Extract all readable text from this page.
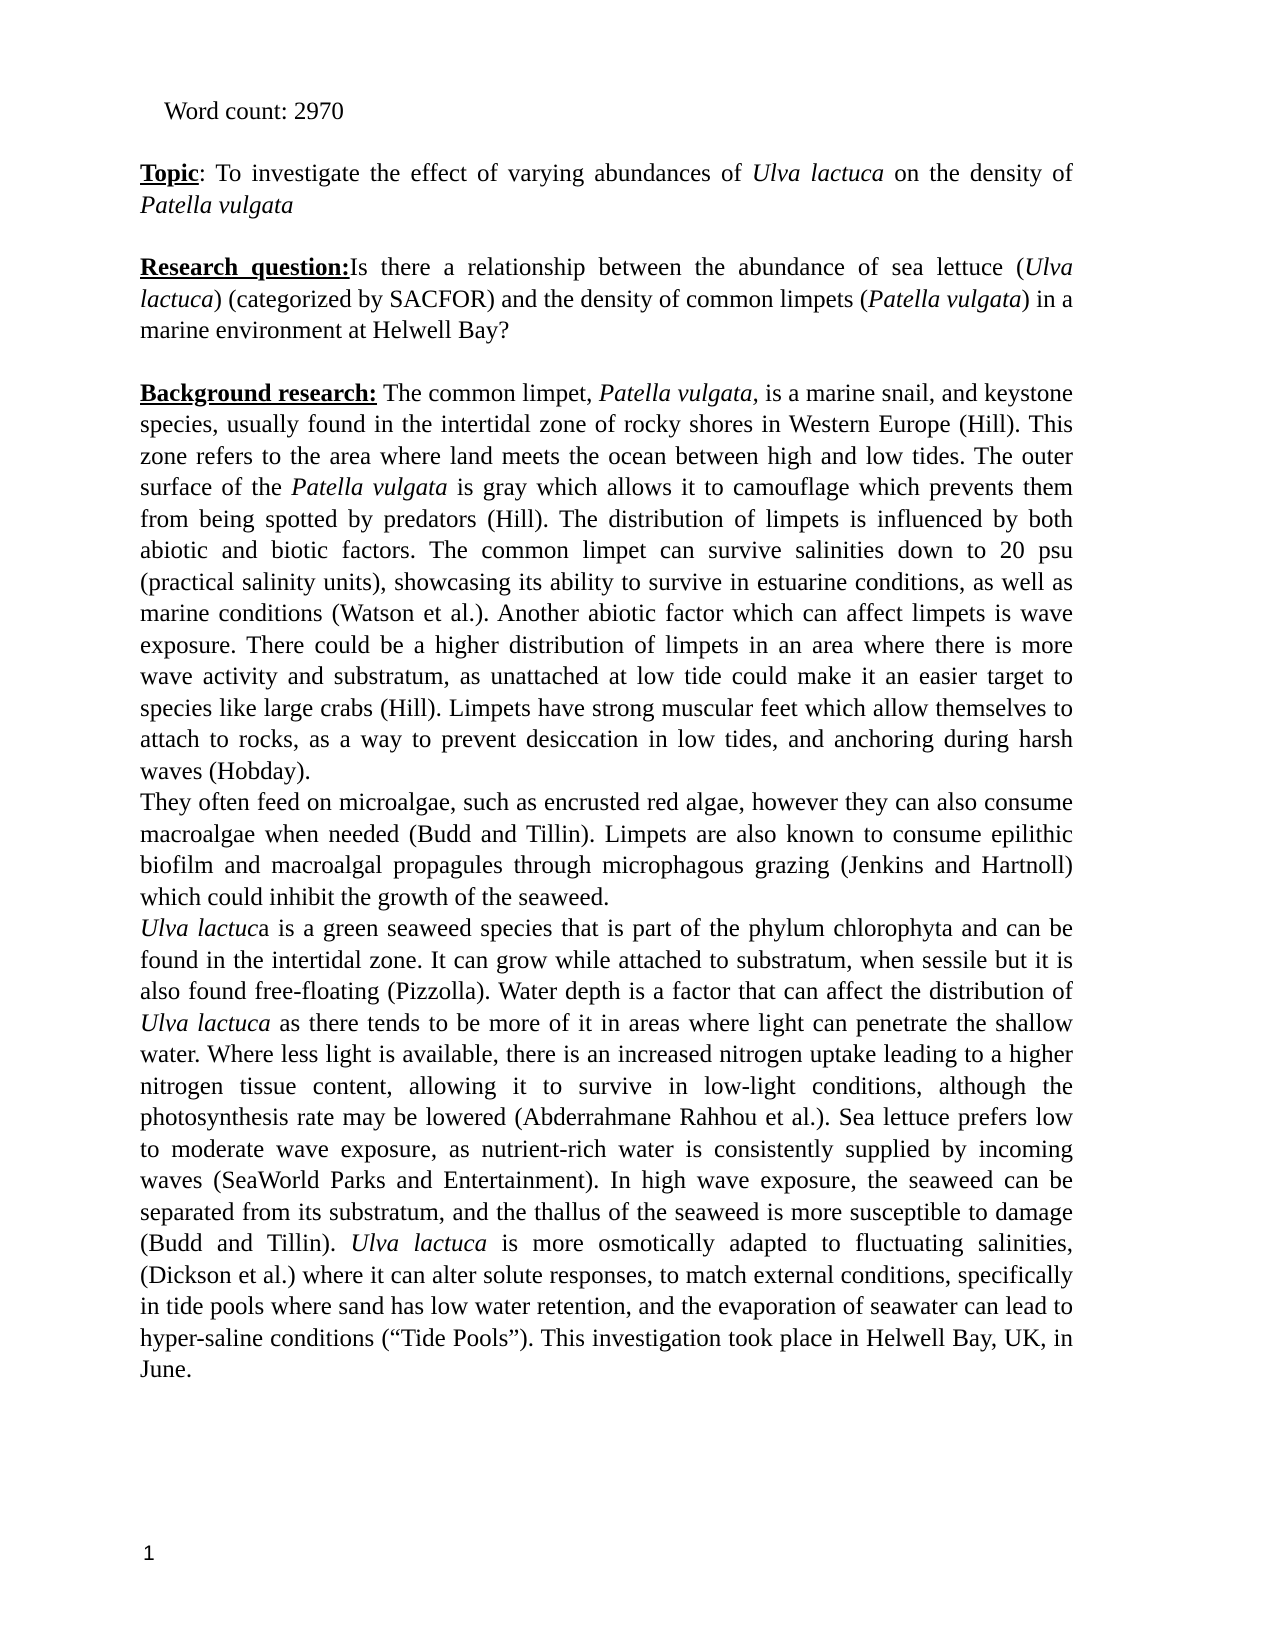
Word count: 2970

Topic: To investigate the effect of varying abundances of Ulva lactuca on the density of Patella vulgata

Research question:Is there a relationship between the abundance of sea lettuce (Ulva lactuca) (categorized by SACFOR) and the density of common limpets (Patella vulgata) in a marine environment at Helwell Bay?

Background research: The common limpet, Patella vulgata, is a marine snail, and keystone species, usually found in the intertidal zone of rocky shores in Western Europe (Hill). This zone refers to the area where land meets the ocean between high and low tides. The outer surface of the Patella vulgata is gray which allows it to camouflage which prevents them from being spotted by predators (Hill). The distribution of limpets is influenced by both abiotic and biotic factors. The common limpet can survive salinities down to 20 psu (practical salinity units), showcasing its ability to survive in estuarine conditions, as well as marine conditions (Watson et al.). Another abiotic factor which can affect limpets is wave exposure. There could be a higher distribution of limpets in an area where there is more wave activity and substratum, as unattached at low tide could make it an easier target to species like large crabs (Hill). Limpets have strong muscular feet which allow themselves to attach to rocks, as a way to prevent desiccation in low tides, and anchoring during harsh waves (Hobday).

They often feed on microalgae, such as encrusted red algae, however they can also consume macroalgae when needed (Budd and Tillin). Limpets are also known to consume epilithic biofilm and macroalgal propagules through microphagous grazing (Jenkins and Hartnoll) which could inhibit the growth of the seaweed.

Ulva lactuca is a green seaweed species that is part of the phylum chlorophyta and can be found in the intertidal zone. It can grow while attached to substratum, when sessile but it is also found free-floating (Pizzolla). Water depth is a factor that can affect the distribution of Ulva lactuca as there tends to be more of it in areas where light can penetrate the shallow water. Where less light is available, there is an increased nitrogen uptake leading to a higher nitrogen tissue content, allowing it to survive in low-light conditions, although the photosynthesis rate may be lowered (Abderrahmane Rahhou et al.). Sea lettuce prefers low to moderate wave exposure, as nutrient-rich water is consistently supplied by incoming waves (SeaWorld Parks and Entertainment). In high wave exposure, the seaweed can be separated from its substratum, and the thallus of the seaweed is more susceptible to damage (Budd and Tillin). Ulva lactuca is more osmotically adapted to fluctuating salinities, (Dickson et al.) where it can alter solute responses, to match external conditions, specifically in tide pools where sand has low water retention, and the evaporation of seawater can lead to hyper-saline conditions (“Tide Pools”). This investigation took place in Helwell Bay, UK, in June.

1
